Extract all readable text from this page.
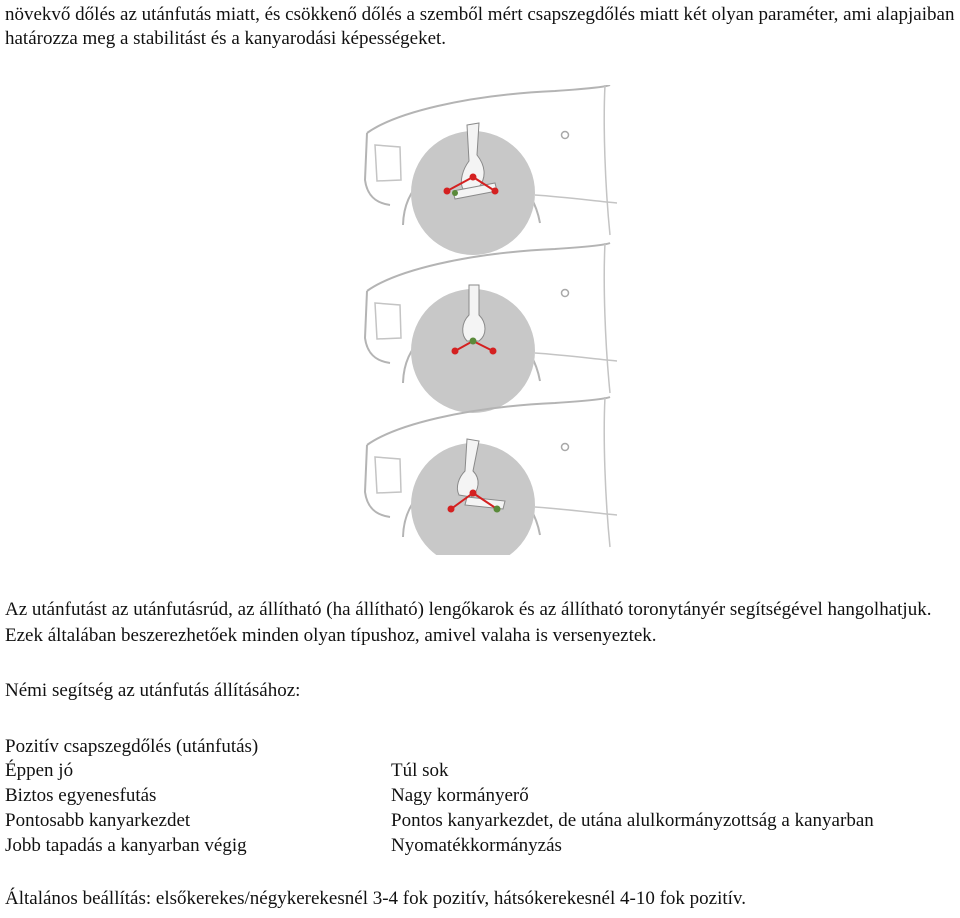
növekvő dőlés az utánfutás miatt, és csökkenő dőlés a szemből mért csapszegdőlés miatt két olyan paraméter, ami alapjaiban határozza meg a stabilitást és a kanyarodási képességeket.

Az utánfutást az utánfutásrúd, az állítható (ha állítható) lengőkarok és az állítható toronytányér segítségével hangolhatjuk. Ezek általában beszerezhetőek minden olyan típushoz, amivel valaha is versenyeztek.

Némi segítség az utánfutás állításához:

Pozitív csapszegdőlés (utánfutás)
Éppen jó
Biztos egyenesfutás
Pontosabb kanyarkezdet
Jobb tapadás a kanyarban végig
Túl sok
Nagy kormányerő
Pontos kanyarkezdet, de utána alulkormányzottság a kanyarban
Nyomatékkormányzás

Általános beállítás: elsőkerekes/négykerekesnél 3-4 fok pozitív, hátsókerekesnél 4-10 fok pozitív.
